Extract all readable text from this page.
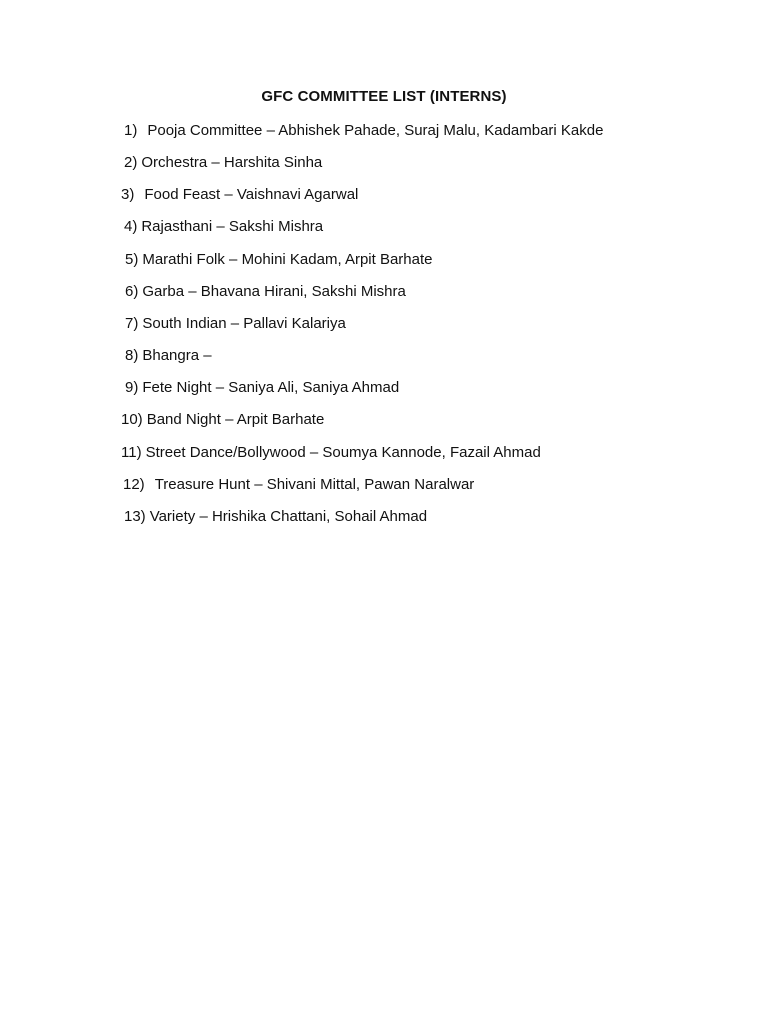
GFC COMMITTEE LIST (INTERNS)
1) Pooja Committee – Abhishek Pahade, Suraj Malu, Kadambari Kakde
2) Orchestra – Harshita Sinha
3) Food Feast – Vaishnavi Agarwal
4) Rajasthani – Sakshi Mishra
5) Marathi Folk – Mohini Kadam, Arpit Barhate
6) Garba – Bhavana Hirani, Sakshi Mishra
7) South Indian – Pallavi Kalariya
8) Bhangra –
9) Fete Night – Saniya Ali, Saniya Ahmad
10) Band Night – Arpit Barhate
11) Street Dance/Bollywood – Soumya Kannode, Fazail Ahmad
12) Treasure Hunt – Shivani Mittal, Pawan Naralwar
13) Variety – Hrishika Chattani, Sohail Ahmad
